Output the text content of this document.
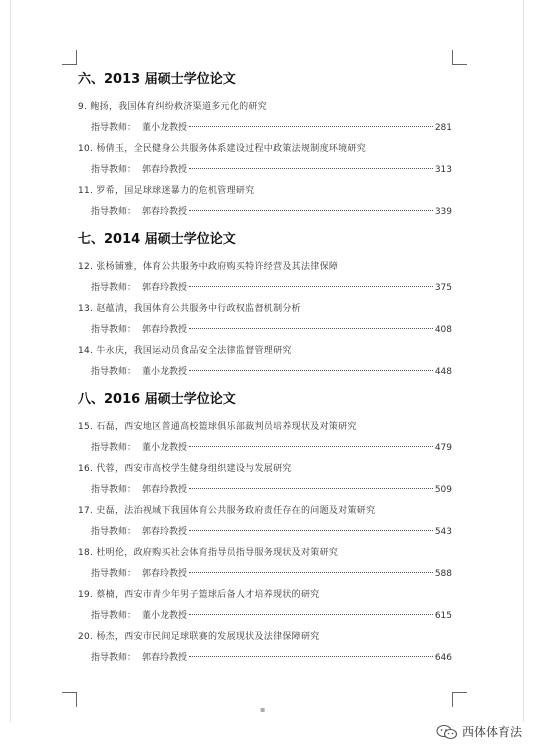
六、2013 届硕士学位论文
9. 鲍扬，我国体育纠纷救济渠道多元化的研究
指导教师： 董小龙教授	281
10. 杨倩玉，全民健身公共服务体系建设过程中政策法规制度环境研究
指导教师： 郭春玲教授	313
11. 罗希，国足球球迷暴力的危机管理研究
指导教师： 郭春玲教授	339
七、2014 届硕士学位论文
12. 张杨铺雅，体育公共服务中政府购买特许经营及其法律保障
指导教师： 郭春玲教授	375
13. 赵蕴清，我国体育公共服务中行政权监督机制分析
指导教师： 郭春玲教授	408
14. 牛永庆，我国运动员食品安全法律监督管理研究
指导教师： 董小龙教授	448
八、2016 届硕士学位论文
15. 石磊，西安地区普通高校篮球俱乐部裁判员培养现状及对策研究
指导教师： 董小龙教授	479
16. 代蓉，西安市高校学生健身组织建设与发展研究
指导教师： 郭春玲教授	509
17. 史磊，法治视域下我国体育公共服务政府责任存在的问题及对策研究
指导教师： 郭春玲教授	543
18. 杜明伦，政府购买社会体育指导员指导服务现状及对策研究
指导教师： 郭春玲教授	588
19. 蔡楠，西安市青少年男子篮球后备人才培养现状的研究
指导教师： 董小龙教授	615
20. 杨杰，西安市民间足球联赛的发展现状及法律保障研究
指导教师： 郭春玲教授	646
▪
西体体育法
